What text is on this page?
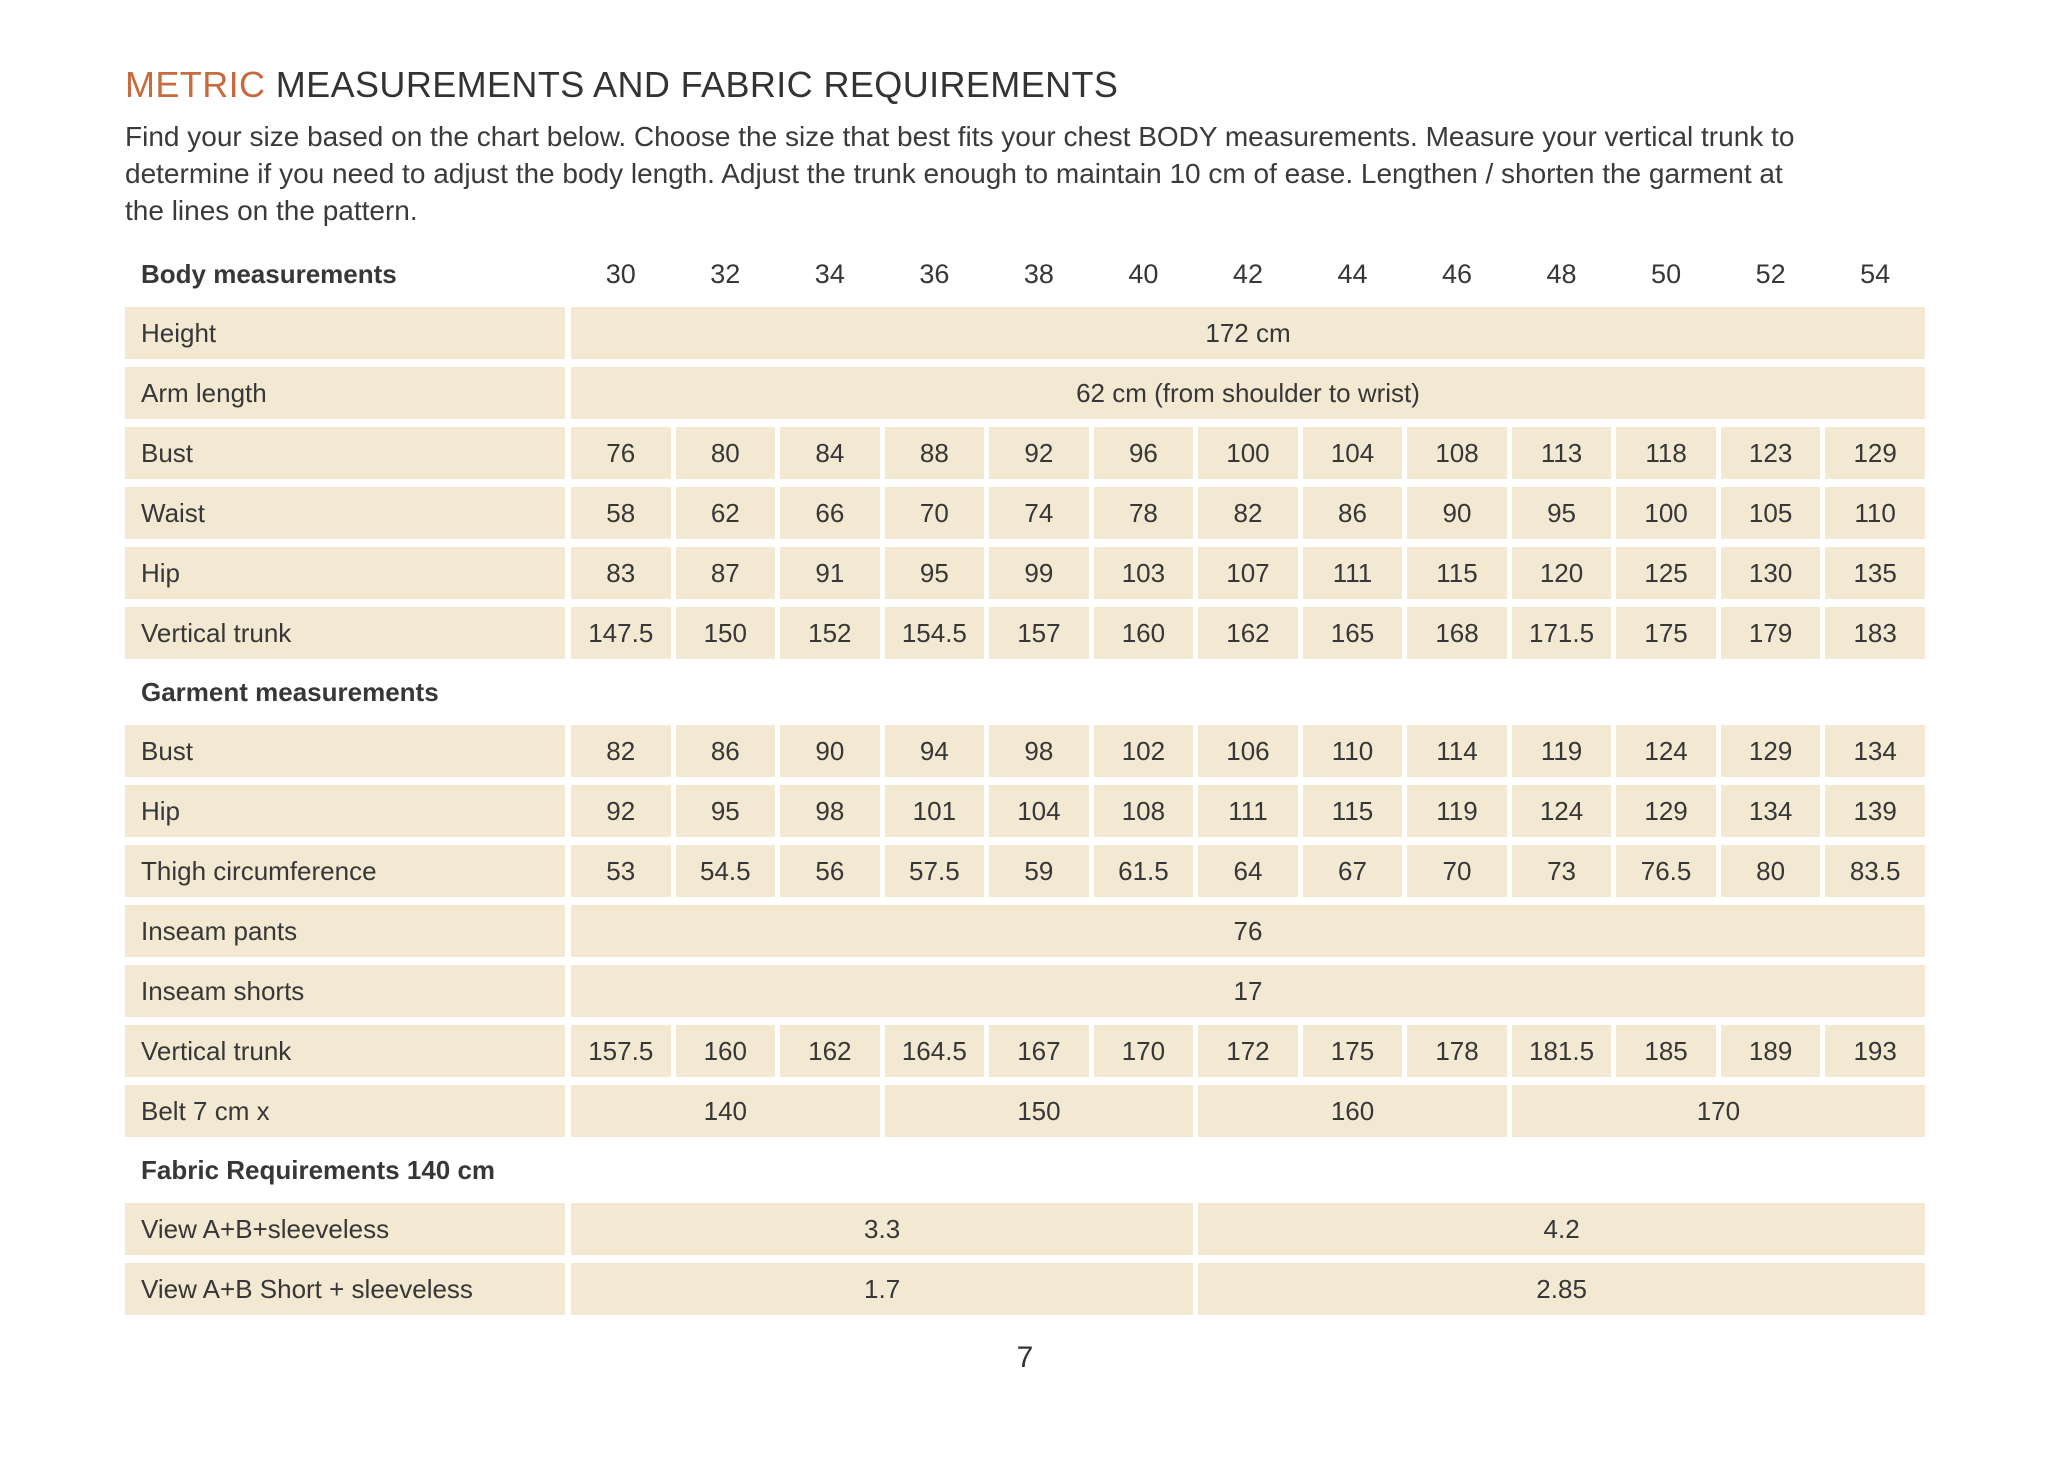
METRIC MEASUREMENTS AND FABRIC REQUIREMENTS
Find your size based on the chart below. Choose the size that best fits your chest BODY measurements. Measure your vertical trunk to
determine if you need to adjust the body length. Adjust the trunk enough to maintain 10 cm of ease. Lengthen / shorten the garment at
the lines on the pattern.
Body measurements	30	32	34	36	38	40	42	44	46	48	50	52	54
Height	172 cm
Arm length	62 cm (from shoulder to wrist)
Bust	76	80	84	88	92	96	100	104	108	113	118	123	129
Waist	58	62	66	70	74	78	82	86	90	95	100	105	110
Hip	83	87	91	95	99	103	107	111	115	120	125	130	135
Vertical trunk	147.5	150	152	154.5	157	160	162	165	168	171.5	175	179	183
Garment measurements
Bust	82	86	90	94	98	102	106	110	114	119	124	129	134
Hip	92	95	98	101	104	108	111	115	119	124	129	134	139
Thigh circumference	53	54.5	56	57.5	59	61.5	64	67	70	73	76.5	80	83.5
Inseam pants	76
Inseam shorts	17
Vertical trunk	157.5	160	162	164.5	167	170	172	175	178	181.5	185	189	193
Belt 7 cm x	140	150	160	170
Fabric Requirements 140 cm
View A+B+sleeveless	3.3	4.2
View A+B Short + sleeveless	1.7	2.85
7
